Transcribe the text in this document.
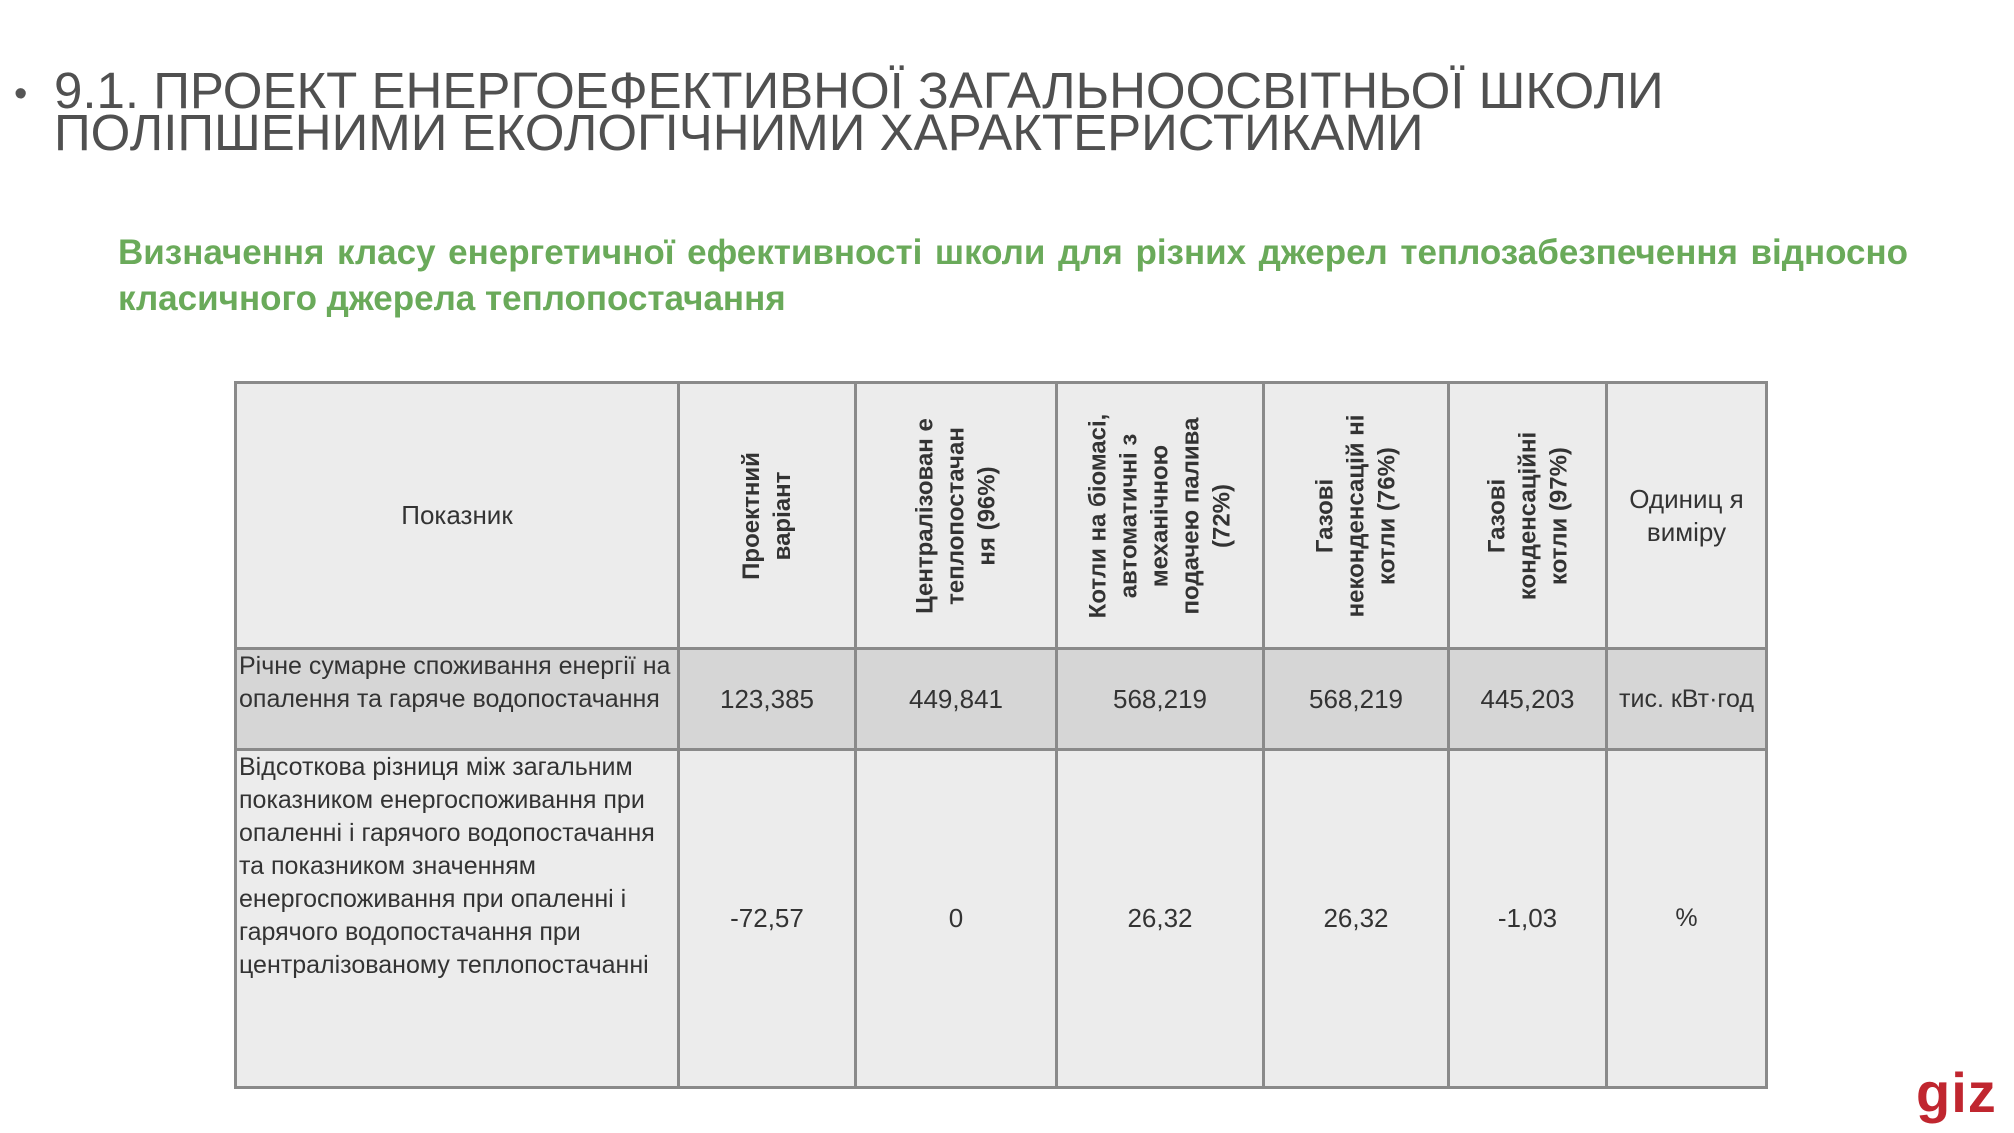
• 9.1. ПРОЕКТ ЕНЕРГОЕФЕКТИВНОЇ ЗАГАЛЬНООСВІТНЬОЇ ШКОЛИ
ПОЛІПШЕНИМИ ЕКОЛОГІЧНИМИ ХАРАКТЕРИСТИКАМИ
Визначення класу енергетичної ефективності школи для різних джерел теплозабезпечення відносно класичного джерела теплопостачання
Показник	Проектний варіант	Централізован е теплопостачан ня (96%)	Котли на біомасі, автоматичні з механічною подачею палива (72%)	Газові неконденсацій ні котли (76%)	Газові конденсаційні котли (97%)	Одиниц я виміру

Річне сумарне споживання енергії на опалення та гаряче водопостачання	123,385	449,841	568,219	568,219	445,203	тис. кВт·год
Відсоткова різниця між загальним показником енергоспоживання при опаленні і гарячого водопостачання та показником значенням енергоспоживання при опаленні і гарячого водопостачання при централізованому теплопостачанні	-72,57	0	26,32	26,32	-1,03	%
giz
